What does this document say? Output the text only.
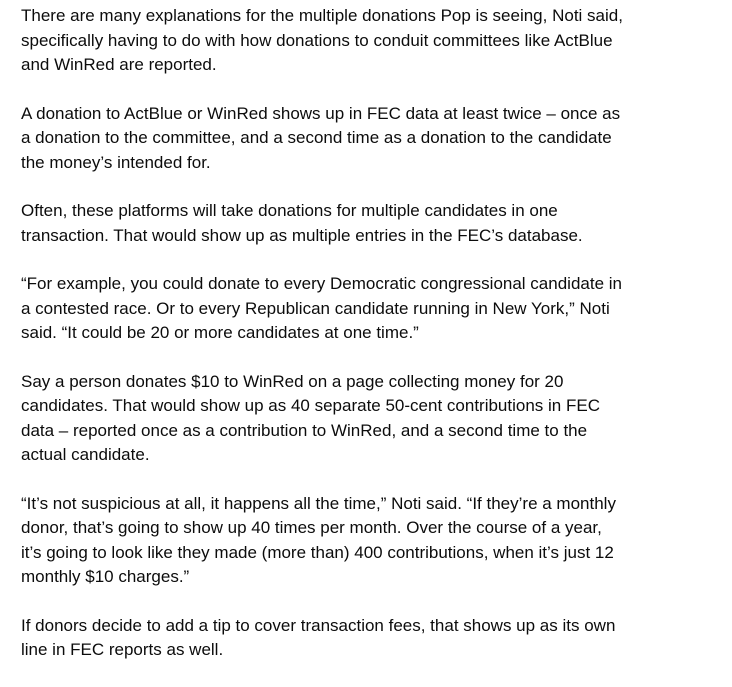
There are many explanations for the multiple donations Pop is seeing, Noti said,
specifically having to do with how donations to conduit committees like ActBlue
and WinRed are reported.

A donation to ActBlue or WinRed shows up in FEC data at least twice – once as
a donation to the committee, and a second time as a donation to the candidate
the money’s intended for.

Often, these platforms will take donations for multiple candidates in one
transaction. That would show up as multiple entries in the FEC’s database.

“For example, you could donate to every Democratic congressional candidate in
a contested race. Or to every Republican candidate running in New York,” Noti
said. “It could be 20 or more candidates at one time.”

Say a person donates $10 to WinRed on a page collecting money for 20
candidates. That would show up as 40 separate 50-cent contributions in FEC
data – reported once as a contribution to WinRed, and a second time to the
actual candidate.

“It’s not suspicious at all, it happens all the time,” Noti said. “If they’re a monthly
donor, that’s going to show up 40 times per month. Over the course of a year,
it’s going to look like they made (more than) 400 contributions, when it’s just 12
monthly $10 charges.”

If donors decide to add a tip to cover transaction fees, that shows up as its own
line in FEC reports as well.
